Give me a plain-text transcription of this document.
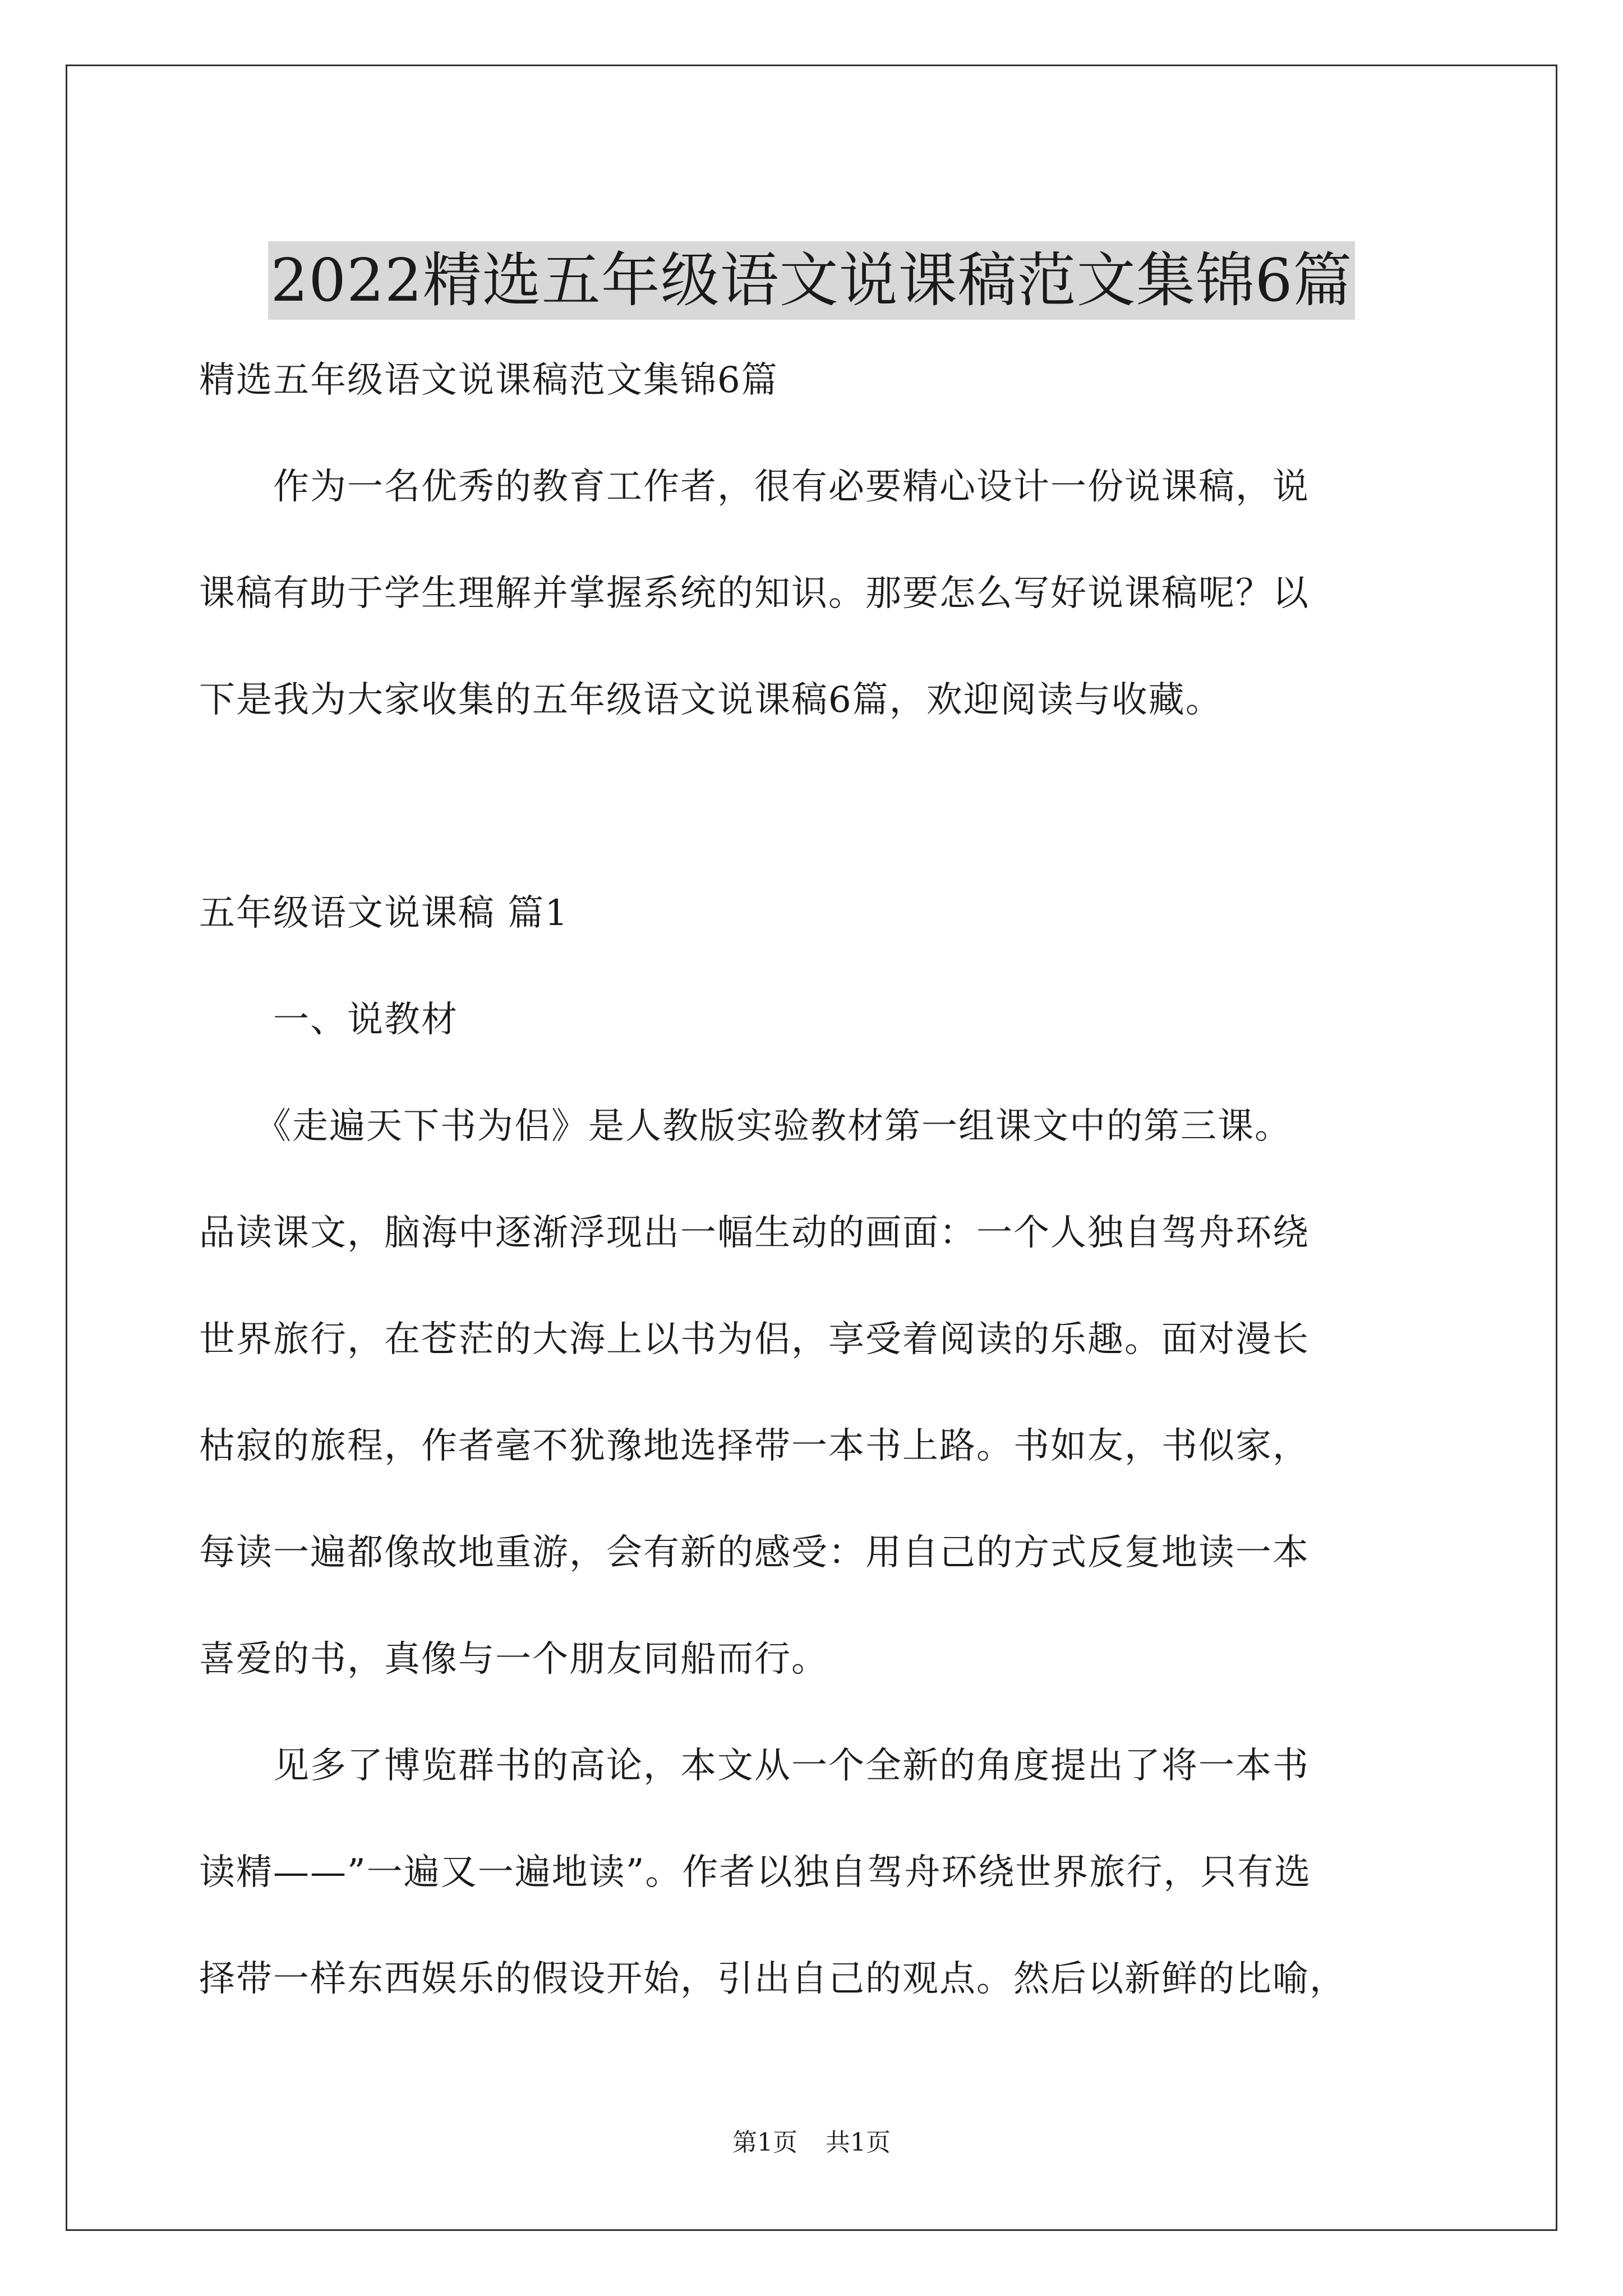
2022精选五年级语文说课稿范文集锦6篇
精选五年级语文说课稿范文集锦6篇
　　作为一名优秀的教育工作者，很有必要精心设计一份说课稿，说
课稿有助于学生理解并掌握系统的知识。那要怎么写好说课稿呢？以
下是我为大家收集的五年级语文说课稿6篇，欢迎阅读与收藏。
五年级语文说课稿 篇1
　　一、说教材
　　《走遍天下书为侣》是人教版实验教材第一组课文中的第三课。
品读课文，脑海中逐渐浮现出一幅生动的画面：一个人独自驾舟环绕
世界旅行，在苍茫的大海上以书为侣，享受着阅读的乐趣。面对漫长
枯寂的旅程，作者毫不犹豫地选择带一本书上路。书如友，书似家，
每读一遍都像故地重游，会有新的感受：用自己的方式反复地读一本
喜爱的书，真像与一个朋友同船而行。
　　见多了博览群书的高论，本文从一个全新的角度提出了将一本书
读精——”一遍又一遍地读”。作者以独自驾舟环绕世界旅行，只有选
择带一样东西娱乐的假设开始，引出自己的观点。然后以新鲜的比喻，
第1页 共1页
